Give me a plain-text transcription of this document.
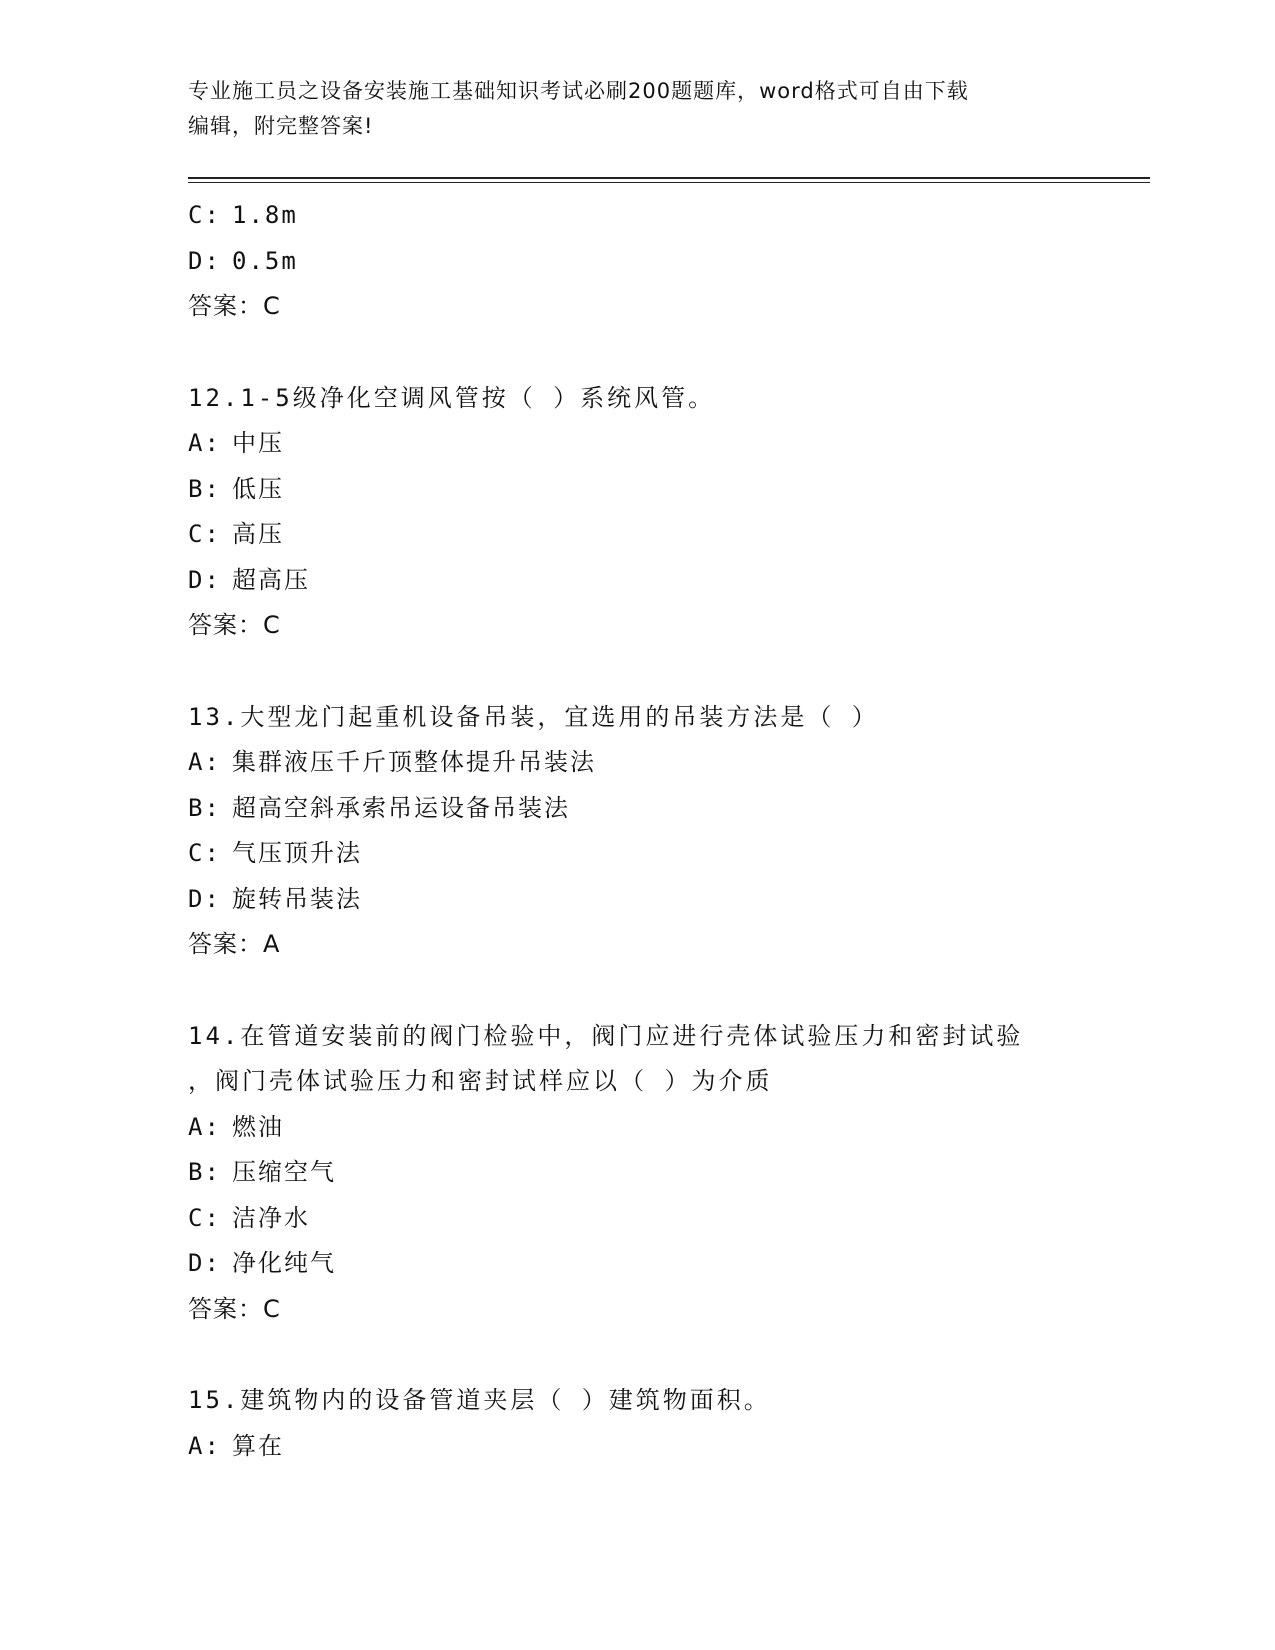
专业施工员之设备安装施工基础知识考试必刷200题题库，word格式可自由下载
编辑，附完整答案!
C: 1.8m
D: 0.5m
答案：C
12.1-5级净化空调风管按（ ）系统风管。
A: 中压
B: 低压
C: 高压
D: 超高压
答案：C
13.大型龙门起重机设备吊装，宜选用的吊装方法是（ ）
A: 集群液压千斤顶整体提升吊装法
B: 超高空斜承索吊运设备吊装法
C: 气压顶升法
D: 旋转吊装法
答案：A
14.在管道安装前的阀门检验中，阀门应进行壳体试验压力和密封试验
，阀门壳体试验压力和密封试样应以（ ）为介质
A: 燃油
B: 压缩空气
C: 洁净水
D: 净化纯气
答案：C
15.建筑物内的设备管道夹层（ ）建筑物面积。
A: 算在
